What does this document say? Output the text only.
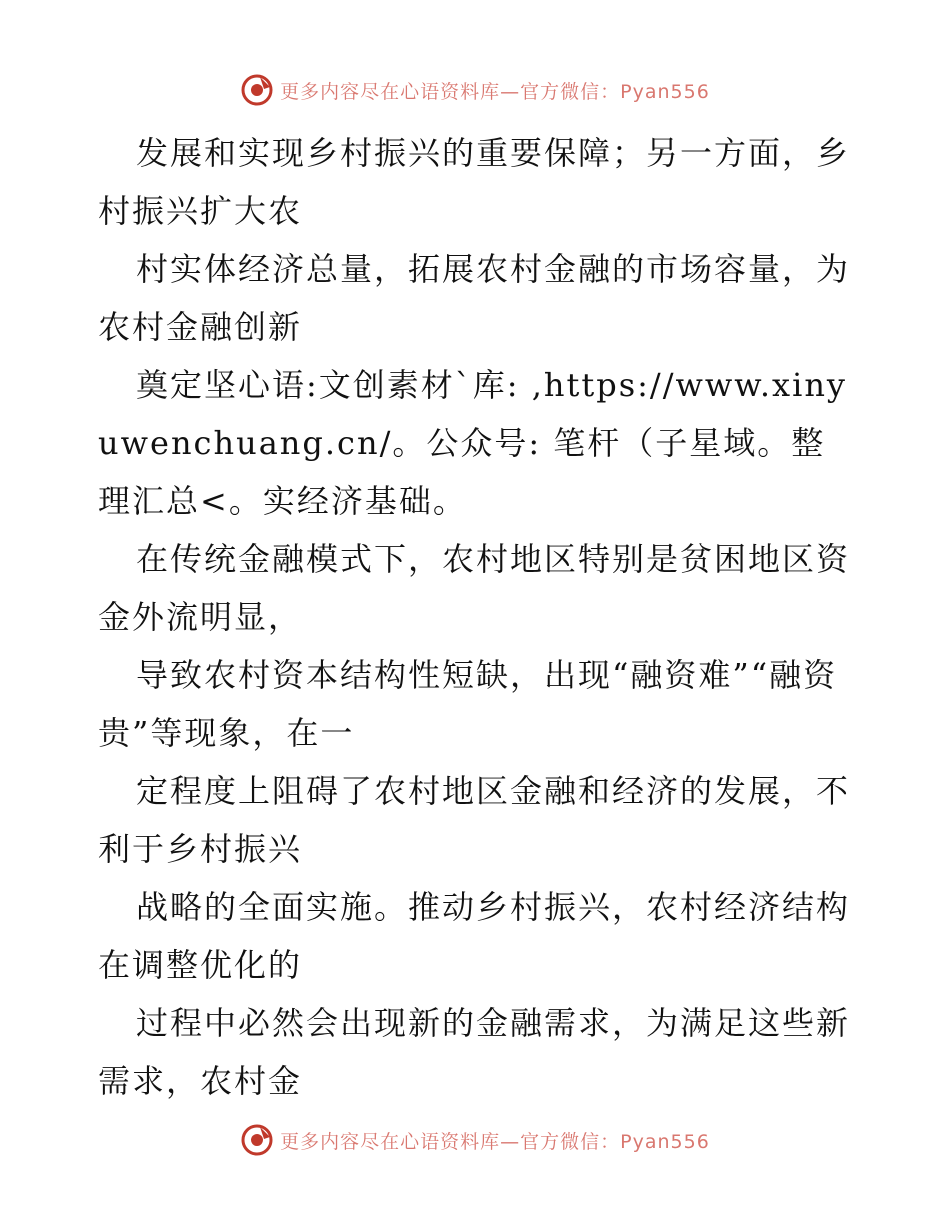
更多内容尽在心语资料库—官方微信：Pyan556

发展和实现乡村振兴的重要保障；另一方面，乡村振兴扩大农

村实体经济总量，拓展农村金融的市场容量，为农村金融创新

奠定坚心语:文创素材`库: ,https://www.xinyuwenchuang.cn/。公众号: 笔杆（子星域。整理汇总<。实经济基础。

在传统金融模式下，农村地区特别是贫困地区资金外流明显，

导致农村资本结构性短缺，出现“融资难”“融资贵”等现象，在一

定程度上阻碍了农村地区金融和经济的发展，不利于乡村振兴

战略的全面实施。推动乡村振兴，农村经济结构在调整优化的

过程中必然会出现新的金融需求，为满足这些新需求，农村金

更多内容尽在心语资料库—官方微信：Pyan556
